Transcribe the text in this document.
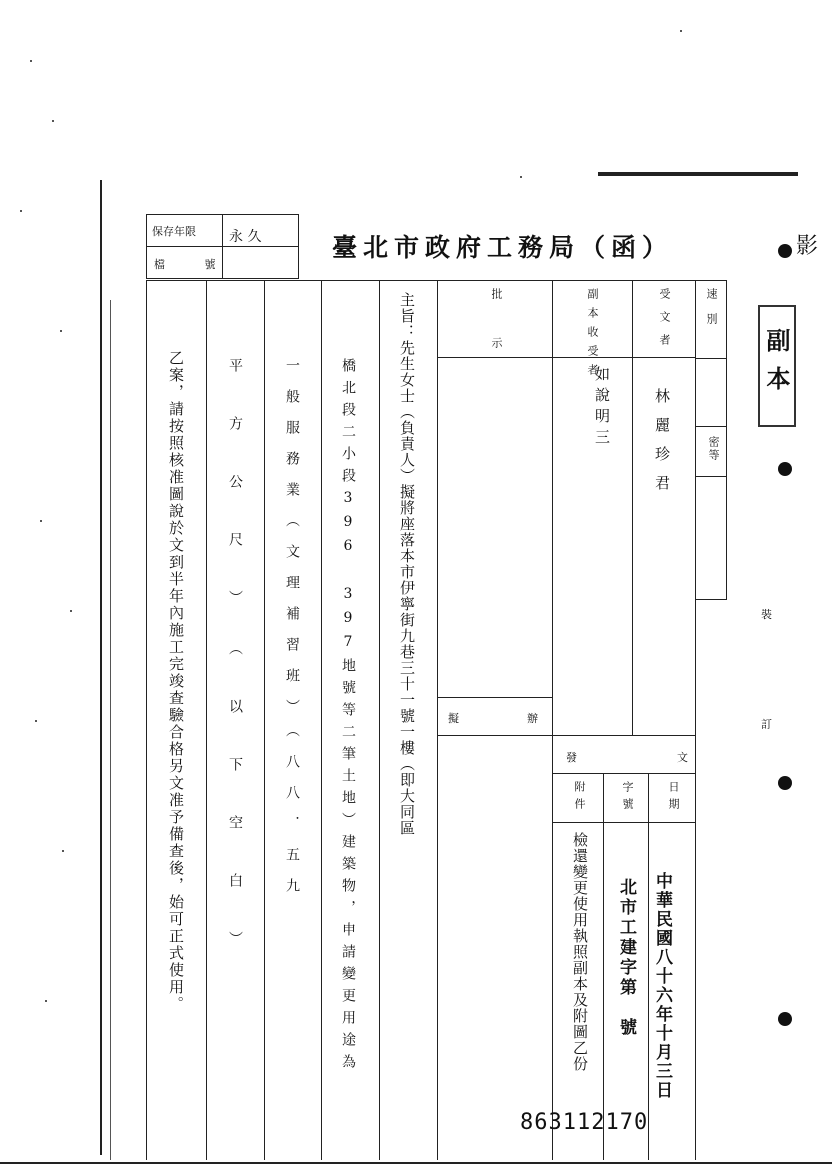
保存年限 永 久
檔 號
臺北市政府工務局（函）
速別
密等
受文者
林麗珍君
副本收受者
如說明三
批示
擬辦
發文
日期
字號
附件
中華民國八十六年十月三日
北市工建字第　號
檢還變更使用執照副本及附圖乙份
主旨：先生女士（負責人）擬將座落本市伊寧街九巷三十一號一樓（即大同區
橋北段二小段396 397地號等二筆土地）建築物，申請變更用途為
一般服務業（文理補習班）（八八．五九
平方公尺）（以下空白）
乙案，請按照核准圖說於文到半年內施工完竣查驗合格另文准予備查後，始可正式使用。	副本
影
裝
訂
863112170
